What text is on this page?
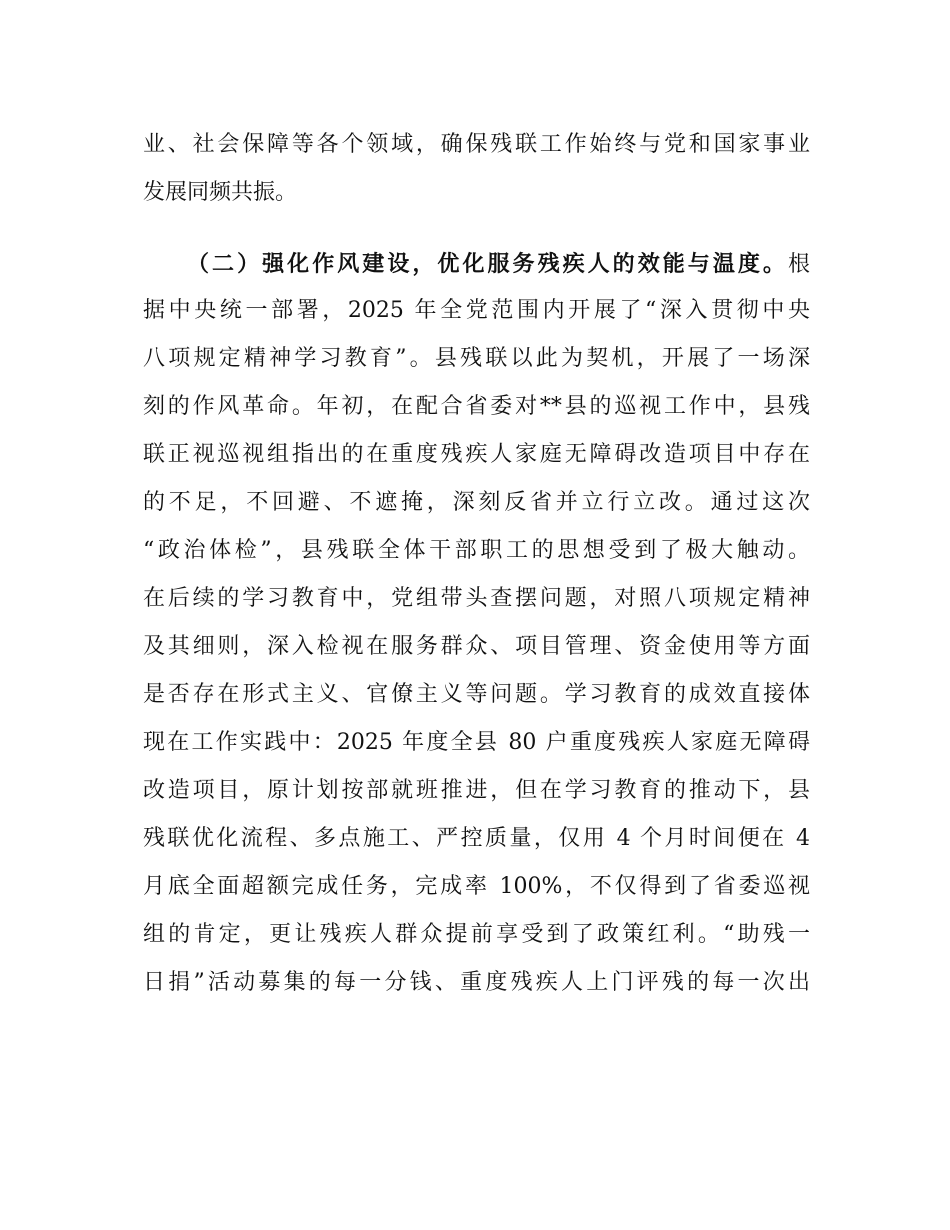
业、社会保障等各个领域，确保残联工作始终与党和国家事业
发展同频共振。
（二）强化作风建设，优化服务残疾人的效能与温度。根
据中央统一部署，2025 年全党范围内开展了“深入贯彻中央
八项规定精神学习教育”。县残联以此为契机，开展了一场深
刻的作风革命。年初，在配合省委对**县的巡视工作中，县残
联正视巡视组指出的在重度残疾人家庭无障碍改造项目中存在
的不足，不回避、不遮掩，深刻反省并立行立改。通过这次
“政治体检”，县残联全体干部职工的思想受到了极大触动。
在后续的学习教育中，党组带头查摆问题，对照八项规定精神
及其细则，深入检视在服务群众、项目管理、资金使用等方面
是否存在形式主义、官僚主义等问题。学习教育的成效直接体
现在工作实践中：2025 年度全县 80 户重度残疾人家庭无障碍
改造项目，原计划按部就班推进，但在学习教育的推动下，县
残联优化流程、多点施工、严控质量，仅用 4 个月时间便在 4
月底全面超额完成任务，完成率 100%，不仅得到了省委巡视
组的肯定，更让残疾人群众提前享受到了政策红利。“助残一
日捐”活动募集的每一分钱、重度残疾人上门评残的每一次出
